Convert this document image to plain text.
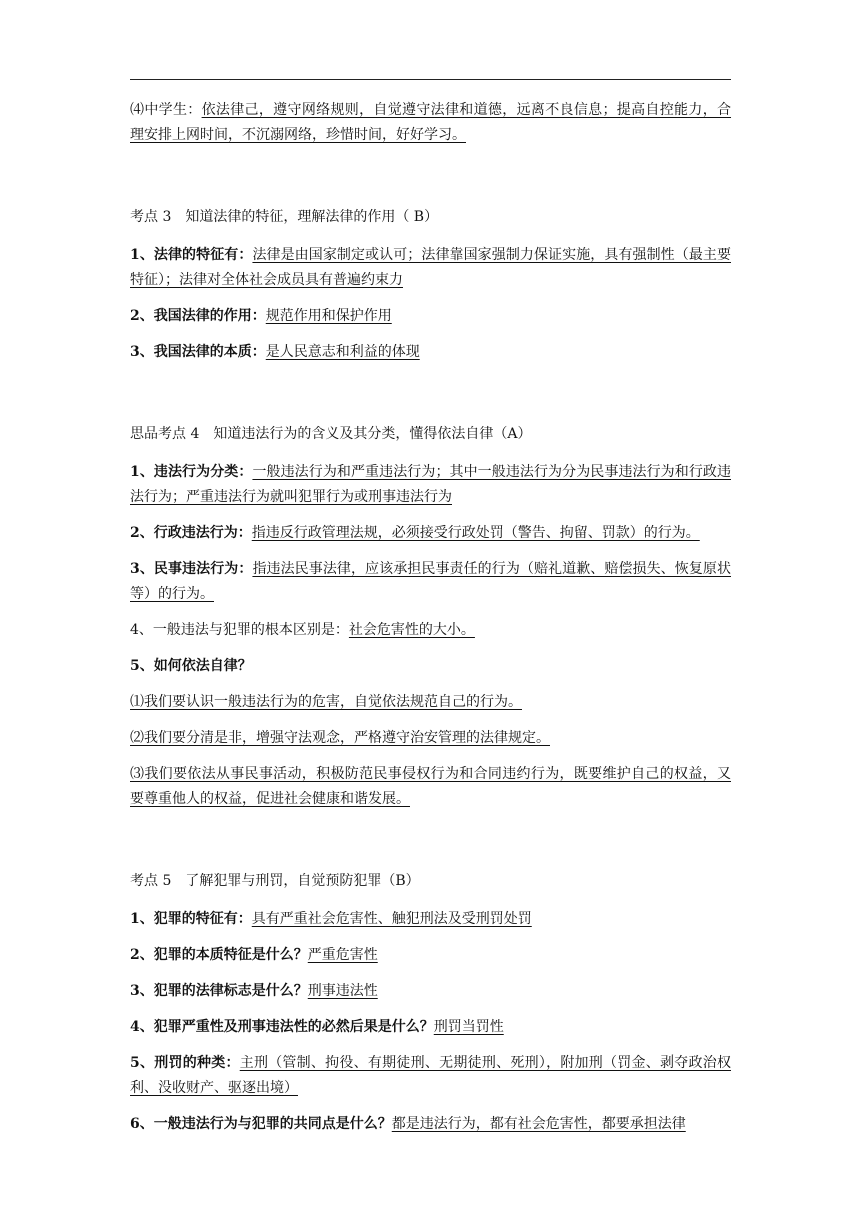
⑷中学生：依法律己，遵守网络规则，自觉遵守法律和道德，远离不良信息；提高自控能力，合理安排上网时间，不沉溺网络，珍惜时间，好好学习。

考点 3　知道法律的特征，理解法律的作用（ B）

1、法律的特征有：法律是由国家制定或认可；法律靠国家强制力保证实施，具有强制性（最主要特征）；法律对全体社会成员具有普遍约束力

2、我国法律的作用：规范作用和保护作用

3、我国法律的本质：是人民意志和利益的体现

思品考点 4　知道违法行为的含义及其分类，懂得依法自律（A）

1、违法行为分类：一般违法行为和严重违法行为；其中一般违法行为分为民事违法行为和行政违法行为；严重违法行为就叫犯罪行为或刑事违法行为

2、行政违法行为：指违反行政管理法规，必须接受行政处罚（警告、拘留、罚款）的行为。

3、民事违法行为：指违法民事法律，应该承担民事责任的行为（赔礼道歉、赔偿损失、恢复原状等）的行为。

4、一般违法与犯罪的根本区别是：社会危害性的大小。

5、如何依法自律？

⑴我们要认识一般违法行为的危害，自觉依法规范自己的行为。

⑵我们要分清是非，增强守法观念，严格遵守治安管理的法律规定。

⑶我们要依法从事民事活动，积极防范民事侵权行为和合同违约行为，既要维护自己的权益，又要尊重他人的权益，促进社会健康和谐发展。

考点 5　了解犯罪与刑罚，自觉预防犯罪（B）

1、犯罪的特征有：具有严重社会危害性、触犯刑法及受刑罚处罚

2、犯罪的本质特征是什么？严重危害性

3、犯罪的法律标志是什么？刑事违法性

4、犯罪严重性及刑事违法性的必然后果是什么？刑罚当罚性

5、刑罚的种类：主刑（管制、拘役、有期徒刑、无期徒刑、死刑），附加刑（罚金、剥夺政治权利、没收财产、驱逐出境）

6、一般违法行为与犯罪的共同点是什么？都是违法行为，都有社会危害性，都要承担法律
